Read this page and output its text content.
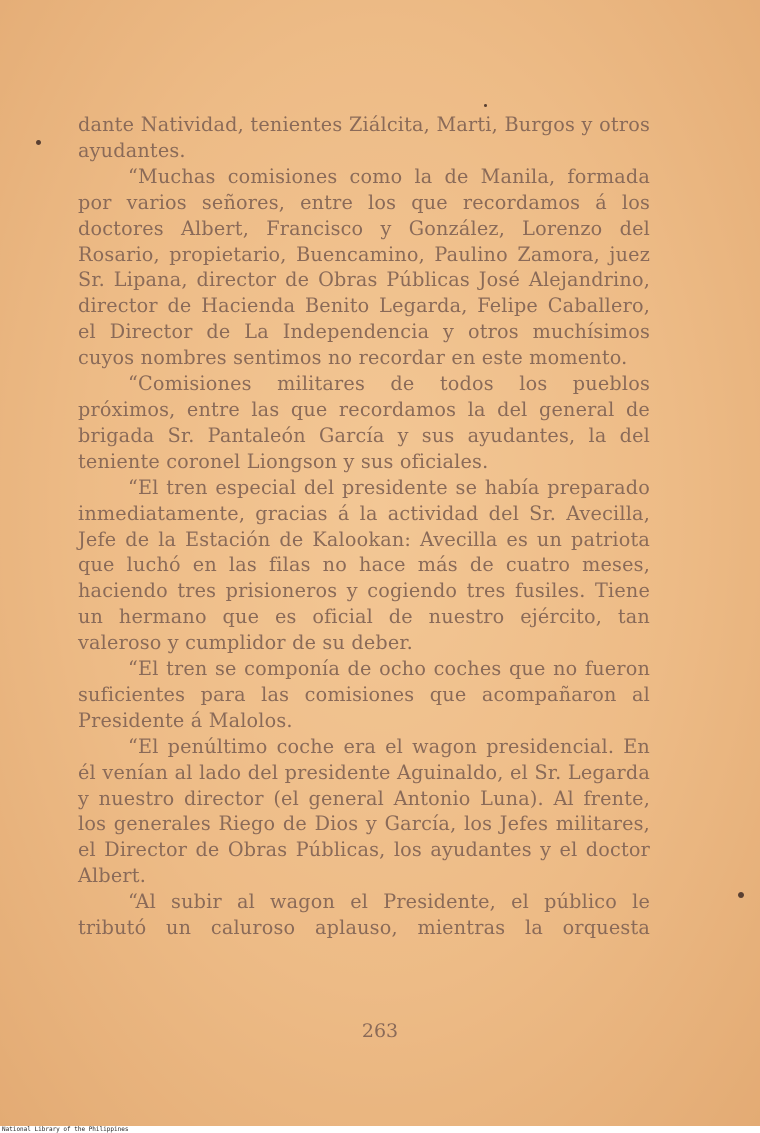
dante Natividad, tenientes Ziálcita, Marti, Burgos y otros ayudantes.

“Muchas comisiones como la de Manila, formada por varios señores, entre los que recordamos á los doctores Albert, Francisco y González, Lorenzo del Rosario, propietario, Buencamino, Paulino Zamora, juez Sr. Lipana, director de Obras Públicas José Alejandrino, director de Hacienda Benito Legarda, Felipe Caballero, el Director de La Independencia y otros muchísimos cuyos nombres sentimos no recordar en este momento.

“Comisiones militares de todos los pueblos próximos, entre las que recordamos la del general de brigada Sr. Pantaleón García y sus ayudantes, la del teniente coronel Liongson y sus oficiales.

“El tren especial del presidente se había preparado inmediatamente, gracias á la actividad del Sr. Avecilla, Jefe de la Estación de Kalookan: Avecilla es un patriota que luchó en las filas no hace más de cuatro meses, haciendo tres prisioneros y cogiendo tres fusiles. Tiene un hermano que es oficial de nuestro ejército, tan valeroso y cumplidor de su deber.

“El tren se componía de ocho coches que no fueron suficientes para las comisiones que acompañaron al Presidente á Malolos.

“El penúltimo coche era el wagon presidencial. En él venían al lado del presidente Aguinaldo, el Sr. Legarda y nuestro director (el general Antonio Luna). Al frente, los generales Riego de Dios y García, los Jefes militares, el Director de Obras Públicas, los ayudantes y el doctor Albert.

“Al subir al wagon el Presidente, el público le tributó un caluroso aplauso, mientras la orquesta

263
National Library of the Philippines
